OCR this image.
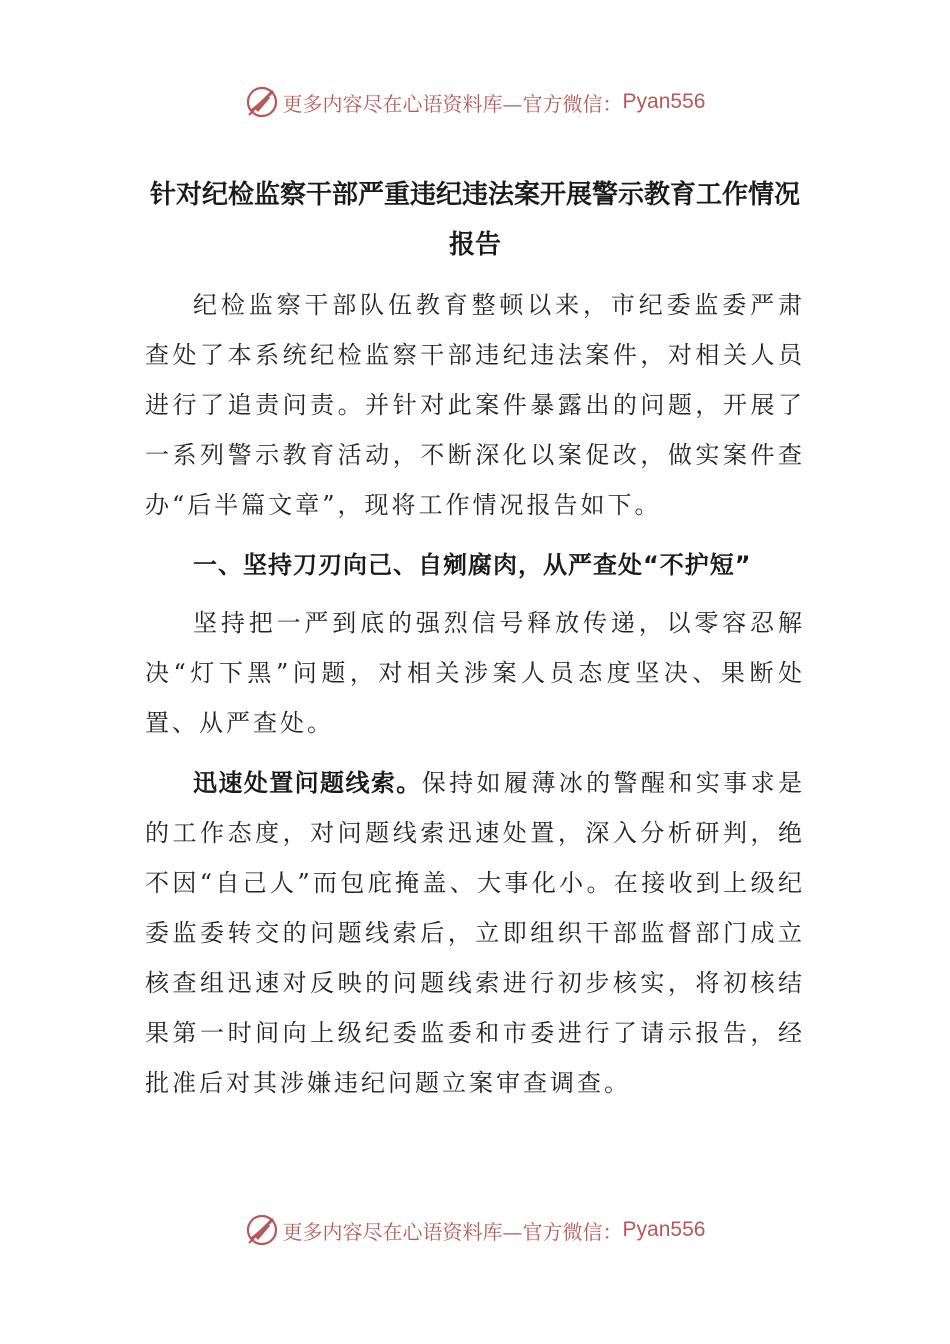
更多内容尽在心语资料库—官方微信： Pyan556
针对纪检监察干部严重违纪违法案开展警示教育工作情况
报告

纪检监察干部队伍教育整顿以来，市纪委监委严肃查处了本系统纪检监察干部违纪违法案件，对相关人员进行了追责问责。并针对此案件暴露出的问题，开展了一系列警示教育活动，不断深化以案促改，做实案件查办“后半篇文章”，现将工作情况报告如下。

一、坚持刀刃向己、自剜腐肉，从严查处“不护短”

坚持把一严到底的强烈信号释放传递，以零容忍解决“灯下黑”问题，对相关涉案人员态度坚决、果断处置、从严查处。

迅速处置问题线索。保持如履薄冰的警醒和实事求是的工作态度，对问题线索迅速处置，深入分析研判，绝不因“自己人”而包庇掩盖、大事化小。在接收到上级纪委监委转交的问题线索后，立即组织干部监督部门成立核查组迅速对反映的问题线索进行初步核实，将初核结果第一时间向上级纪委监委和市委进行了请示报告，经批准后对其涉嫌违纪问题立案审查调查。

更多内容尽在心语资料库—官方微信： Pyan556
